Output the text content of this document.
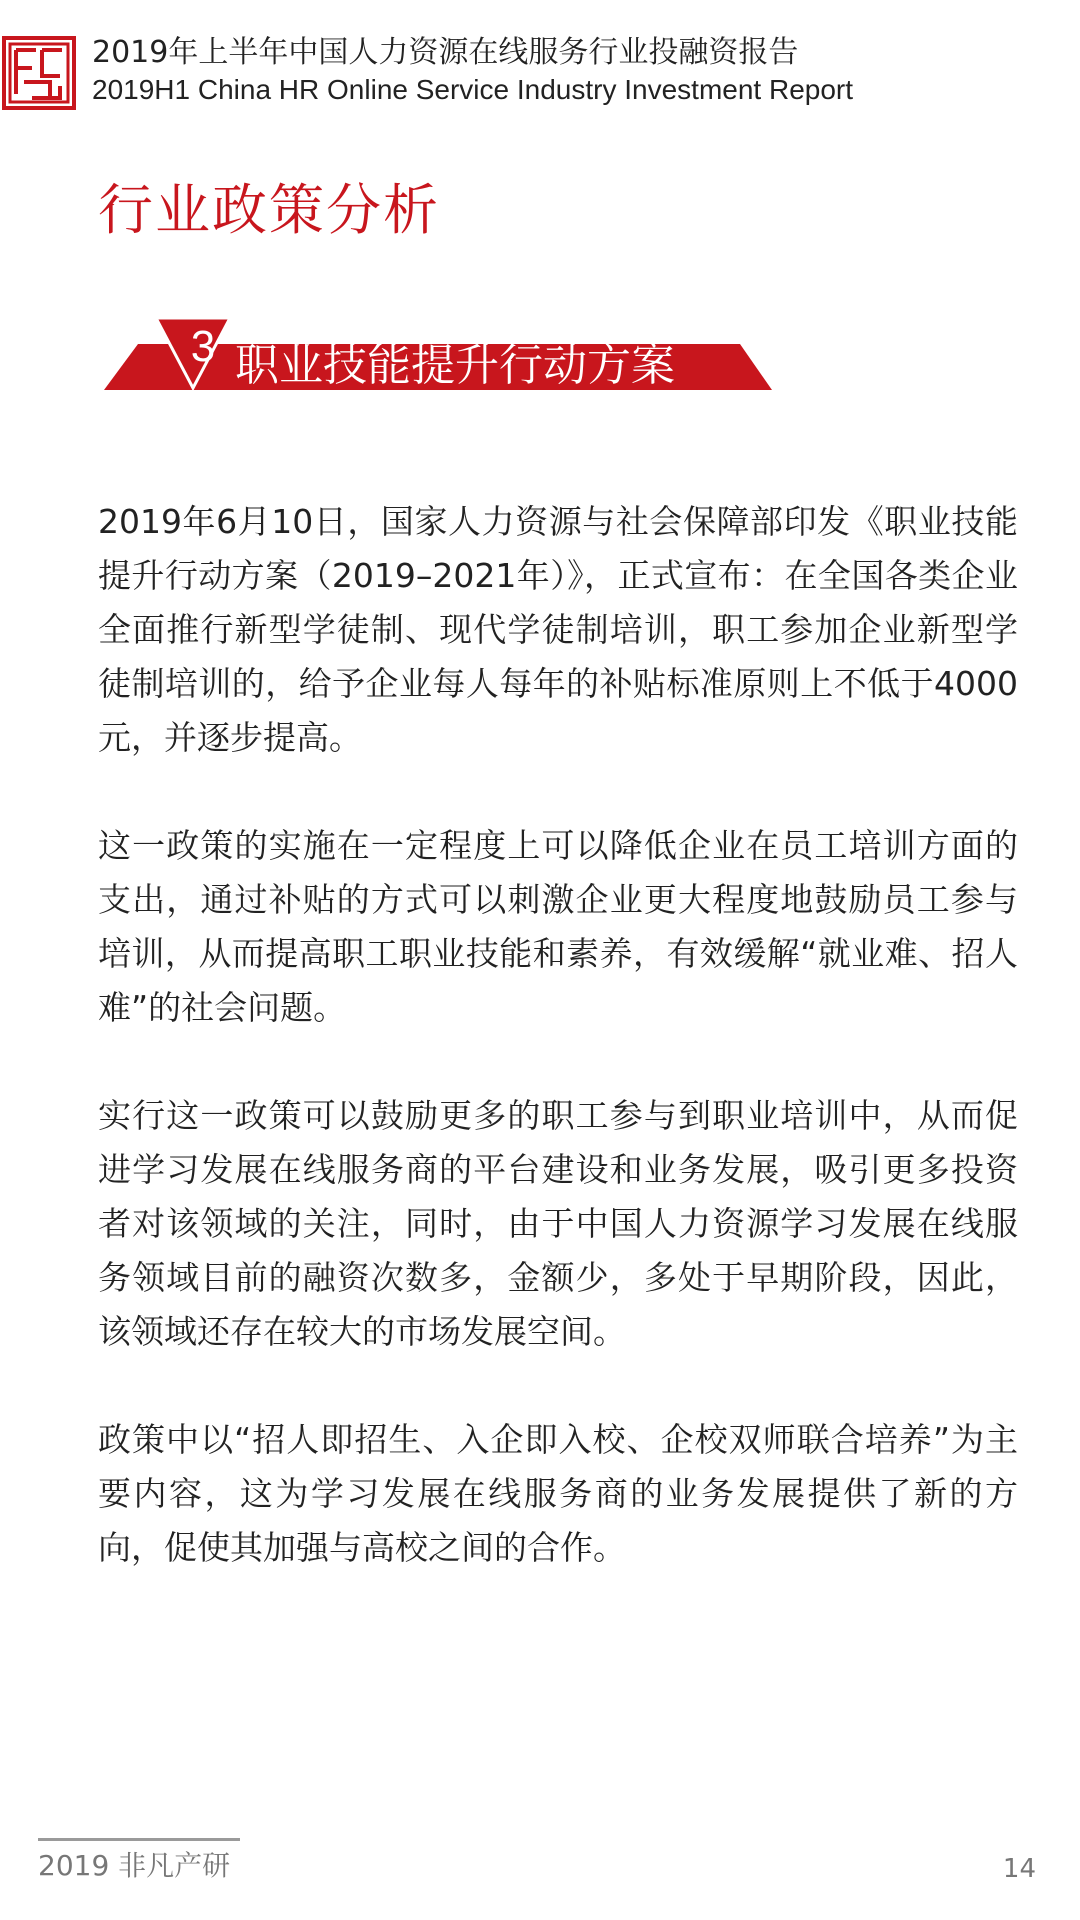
2019年上半年中国人力资源在线服务行业投融资报告
2019H1 China HR Online Service Industry Investment Report
行业政策分析
3 职业技能提升行动方案

2019年6月10日，国家人力资源与社会保障部印发《职业技能提升行动方案（2019–2021年）》，正式宣布：在全国各类企业全面推行新型学徒制、现代学徒制培训，职工参加企业新型学徒制培训的，给予企业每人每年的补贴标准原则上不低于4000元，并逐步提高。

这一政策的实施在一定程度上可以降低企业在员工培训方面的支出，通过补贴的方式可以刺激企业更大程度地鼓励员工参与培训，从而提高职工职业技能和素养，有效缓解“就业难、招人难”的社会问题。

实行这一政策可以鼓励更多的职工参与到职业培训中，从而促进学习发展在线服务商的平台建设和业务发展，吸引更多投资者对该领域的关注，同时，由于中国人力资源学习发展在线服务领域目前的融资次数多，金额少，多处于早期阶段，因此，该领域还存在较大的市场发展空间。

政策中以“招人即招生、入企即入校、企校双师联合培养”为主要内容，这为学习发展在线服务商的业务发展提供了新的方向，促使其加强与高校之间的合作。

2019 非凡产研	14
